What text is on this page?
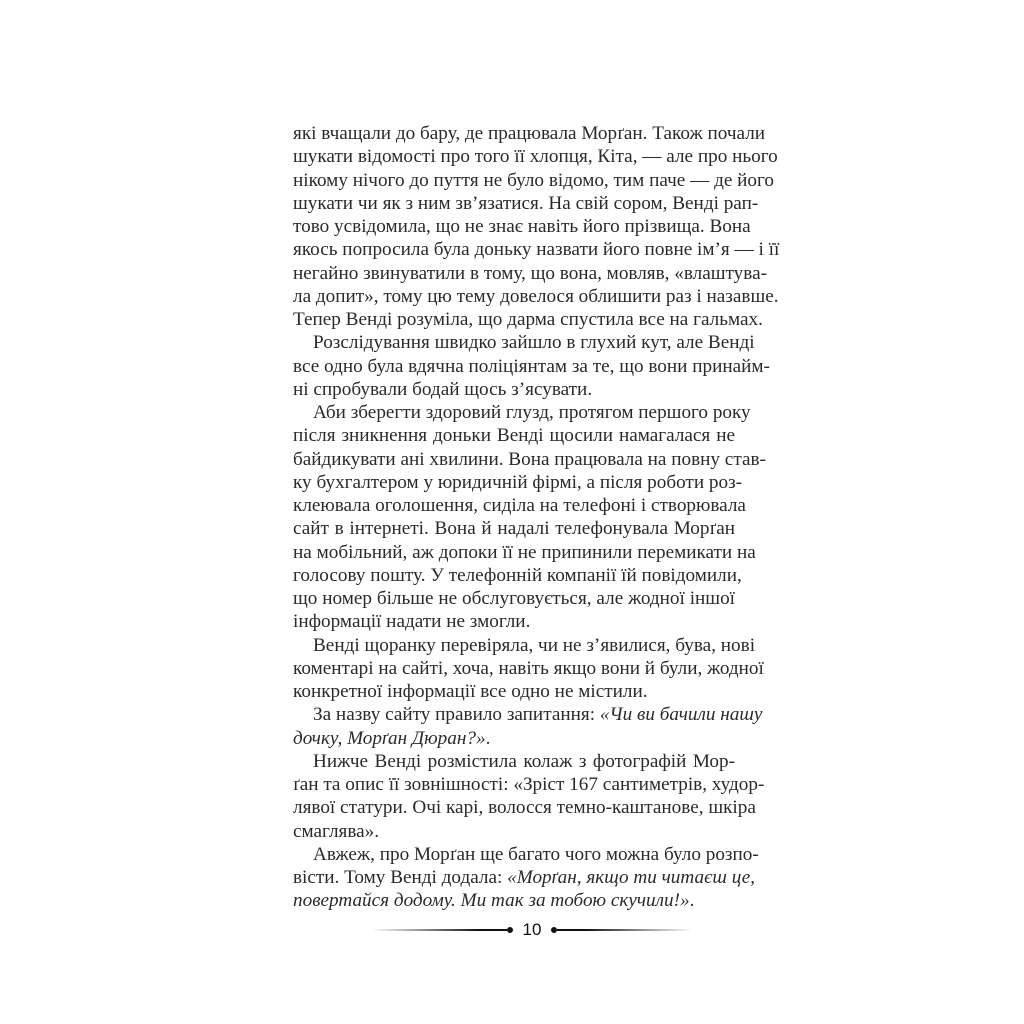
які вчащали до бару, де працювала Морґан. Також почали
шукати відомості про того її хлопця, Кіта, — але про нього
нікому нічого до пуття не було відомо, тим паче — де його
шукати чи як з ним зв’язатися. На свій сором, Венді рап-
тово усвідомила, що не знає навіть його прізвища. Вона
якось попросила була доньку назвати його повне ім’я — і її
негайно звинуватили в тому, що вона, мовляв, «влаштува-
ла допит», тому цю тему довелося облишити раз і назавше.
Тепер Венді розуміла, що дарма спустила все на гальмах.
Розслідування швидко зайшло в глухий кут, але Венді
все одно була вдячна поліціянтам за те, що вони принайм-
ні спробували бодай щось з’ясувати.
Аби зберегти здоровий глузд, протягом першого року
після зникнення доньки Венді щосили намагалася не
байдикувати ані хвилини. Вона працювала на повну став-
ку бухгалтером у юридичній фірмі, а після роботи роз-
клеювала оголошення, сиділа на телефоні і створювала
сайт в інтернеті. Вона й надалі телефонувала Морґан
на мобільний, аж допоки її не припинили перемикати на
голосову пошту. У телефонній компанії їй повідомили,
що номер більше не обслуговується, але жодної іншої
інформації надати не змогли.
Венді щоранку перевіряла, чи не з’явилися, бува, нові
коментарі на сайті, хоча, навіть якщо вони й були, жодної
конкретної інформації все одно не містили.
За назву сайту правило запитання: «Чи ви бачили нашу
дочку, Морґан Дюран?».
Нижче Венді розмістила колаж з фотографій Мор-
ґан та опис її зовнішності: «Зріст 167 сантиметрів, худор-
лявої статури. Очі карі, волосся темно-каштанове, шкіра
смаглява».
Авжеж, про Морґан ще багато чого можна було розпо-
вісти. Тому Венді додала: «Морґан, якщо ти читаєш це,
повертайся додому. Ми так за тобою скучили!».
10
